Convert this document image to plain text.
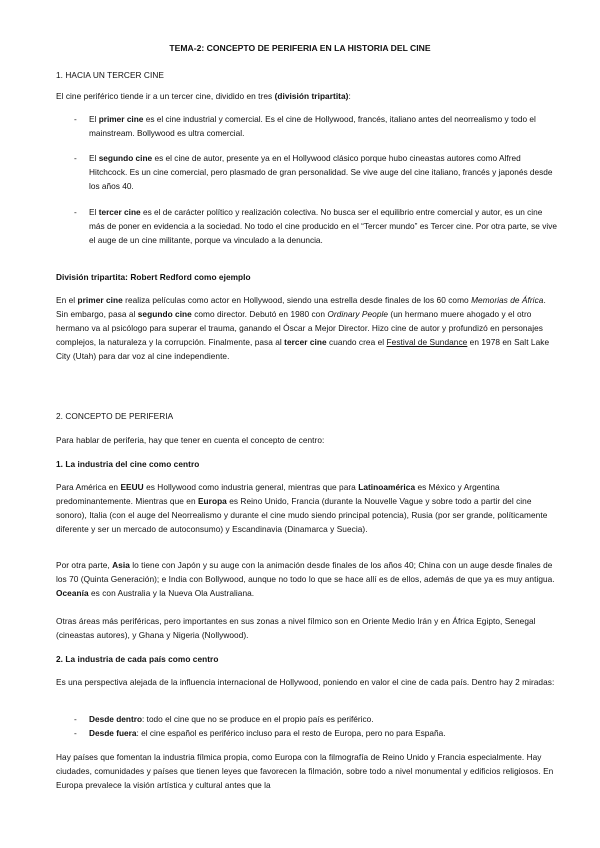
TEMA-2: CONCEPTO DE PERIFERIA EN LA HISTORIA DEL CINE

1. HACIA UN TERCER CINE

El cine periférico tiende ir a un tercer cine, dividido en tres (división tripartita):

- El primer cine es el cine industrial y comercial. Es el cine de Hollywood, francés, italiano antes del neorrealismo y todo el mainstream. Bollywood es ultra comercial.

- El segundo cine es el cine de autor, presente ya en el Hollywood clásico porque hubo cineastas autores como Alfred Hitchcock. Es un cine comercial, pero plasmado de gran personalidad. Se vive auge del cine italiano, francés y japonés desde los años 40.

- El tercer cine es el de carácter político y realización colectiva. No busca ser el equilibrio entre comercial y autor, es un cine más de poner en evidencia a la sociedad. No todo el cine producido en el “Tercer mundo” es Tercer cine. Por otra parte, se vive el auge de un cine militante, porque va vinculado a la denuncia.

División tripartita: Robert Redford como ejemplo

En el primer cine realiza películas como actor en Hollywood, siendo una estrella desde finales de los 60 como Memorias de África. Sin embargo, pasa al segundo cine como director. Debutó en 1980 con Ordinary People (un hermano muere ahogado y el otro hermano va al psicólogo para superar el trauma, ganando el Óscar a Mejor Director. Hizo cine de autor y profundizó en personajes complejos, la naturaleza y la corrupción. Finalmente, pasa al tercer cine cuando crea el Festival de Sundance en 1978 en Salt Lake City (Utah) para dar voz al cine independiente.

2. CONCEPTO DE PERIFERIA

Para hablar de periferia, hay que tener en cuenta el concepto de centro:

1. La industria del cine como centro

Para América en EEUU es Hollywood como industria general, mientras que para Latinoamérica es México y Argentina predominantemente. Mientras que en Europa es Reino Unido, Francia (durante la Nouvelle Vague y sobre todo a partir del cine sonoro), Italia (con el auge del Neorrealismo y durante el cine mudo siendo principal potencia), Rusia (por ser grande, políticamente diferente y ser un mercado de autoconsumo) y Escandinavia (Dinamarca y Suecia).

Por otra parte, Asia lo tiene con Japón y su auge con la animación desde finales de los años 40; China con un auge desde finales de los 70 (Quinta Generación); e India con Bollywood, aunque no todo lo que se hace allí es de ellos, además de que ya es muy antigua. Oceanía es con Australia y la Nueva Ola Australiana.

Otras áreas más periféricas, pero importantes en sus zonas a nivel fílmico son en Oriente Medio Irán y en África Egipto, Senegal (cineastas autores), y Ghana y Nigeria (Nollywood).

2. La industria de cada país como centro

Es una perspectiva alejada de la influencia internacional de Hollywood, poniendo en valor el cine de cada país. Dentro hay 2 miradas:

- Desde dentro: todo el cine que no se produce en el propio país es periférico.

- Desde fuera: el cine español es periférico incluso para el resto de Europa, pero no para España.

Hay países que fomentan la industria fílmica propia, como Europa con la filmografía de Reino Unido y Francia especialmente. Hay ciudades, comunidades y países que tienen leyes que favorecen la filmación, sobre todo a nivel monumental y edificios religiosos. En Europa prevalece la visión artística y cultural antes que la
